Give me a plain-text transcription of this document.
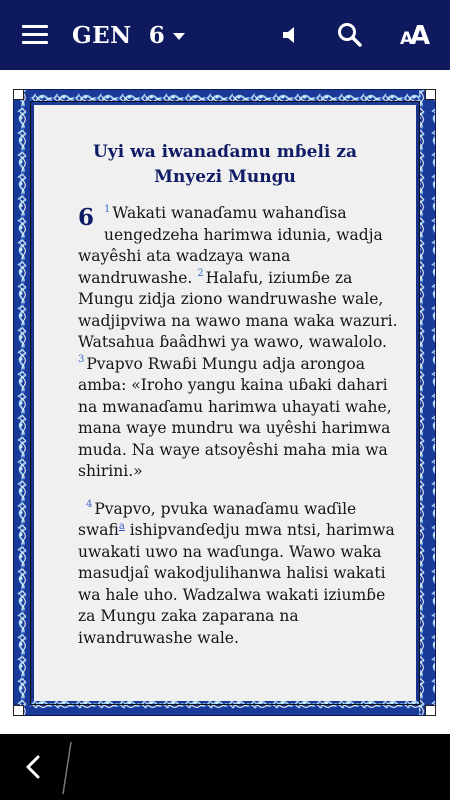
GEN  6	A
A
Uyi wa iwanaɗamu mɓeli za
Mnyezi Mungu

6 $^1$ Wakati wanaɗamu wahanɗisa uengedzeha harimwa idunia, wadja wayêshi ata wadzaya wana wandruwashe. $^2$ Halafu, iziumɓe za Mungu zidja ziono wandruwashe wale, wadjipviwa na wawo mana waka wazuri. Watsahua ɓaâdhwi ya wawo, wawalolo. $^3$ Pvapvo Rwaɓi Mungu adja arongoa amba: «Iroho yangu kaina uɓaki dahari na mwanaɗamu harimwa uhayati wahe, mana waye mundru wa uyêshi harimwa muda. Na waye atsoyêshi maha mia wa shirini.»

$^4$ Pvapvo, pvuka wanaɗamu waɗile swafi$^a$ ishipvanɗedju mwa ntsi, harimwa uwakati uwo na waɗunga. Wawo waka masudjaî wakodjulihanwa halisi wakati wa hale uho. Wadzalwa wakati iziumɓe za Mungu zaka zaparana na iwandruwashe wale.
